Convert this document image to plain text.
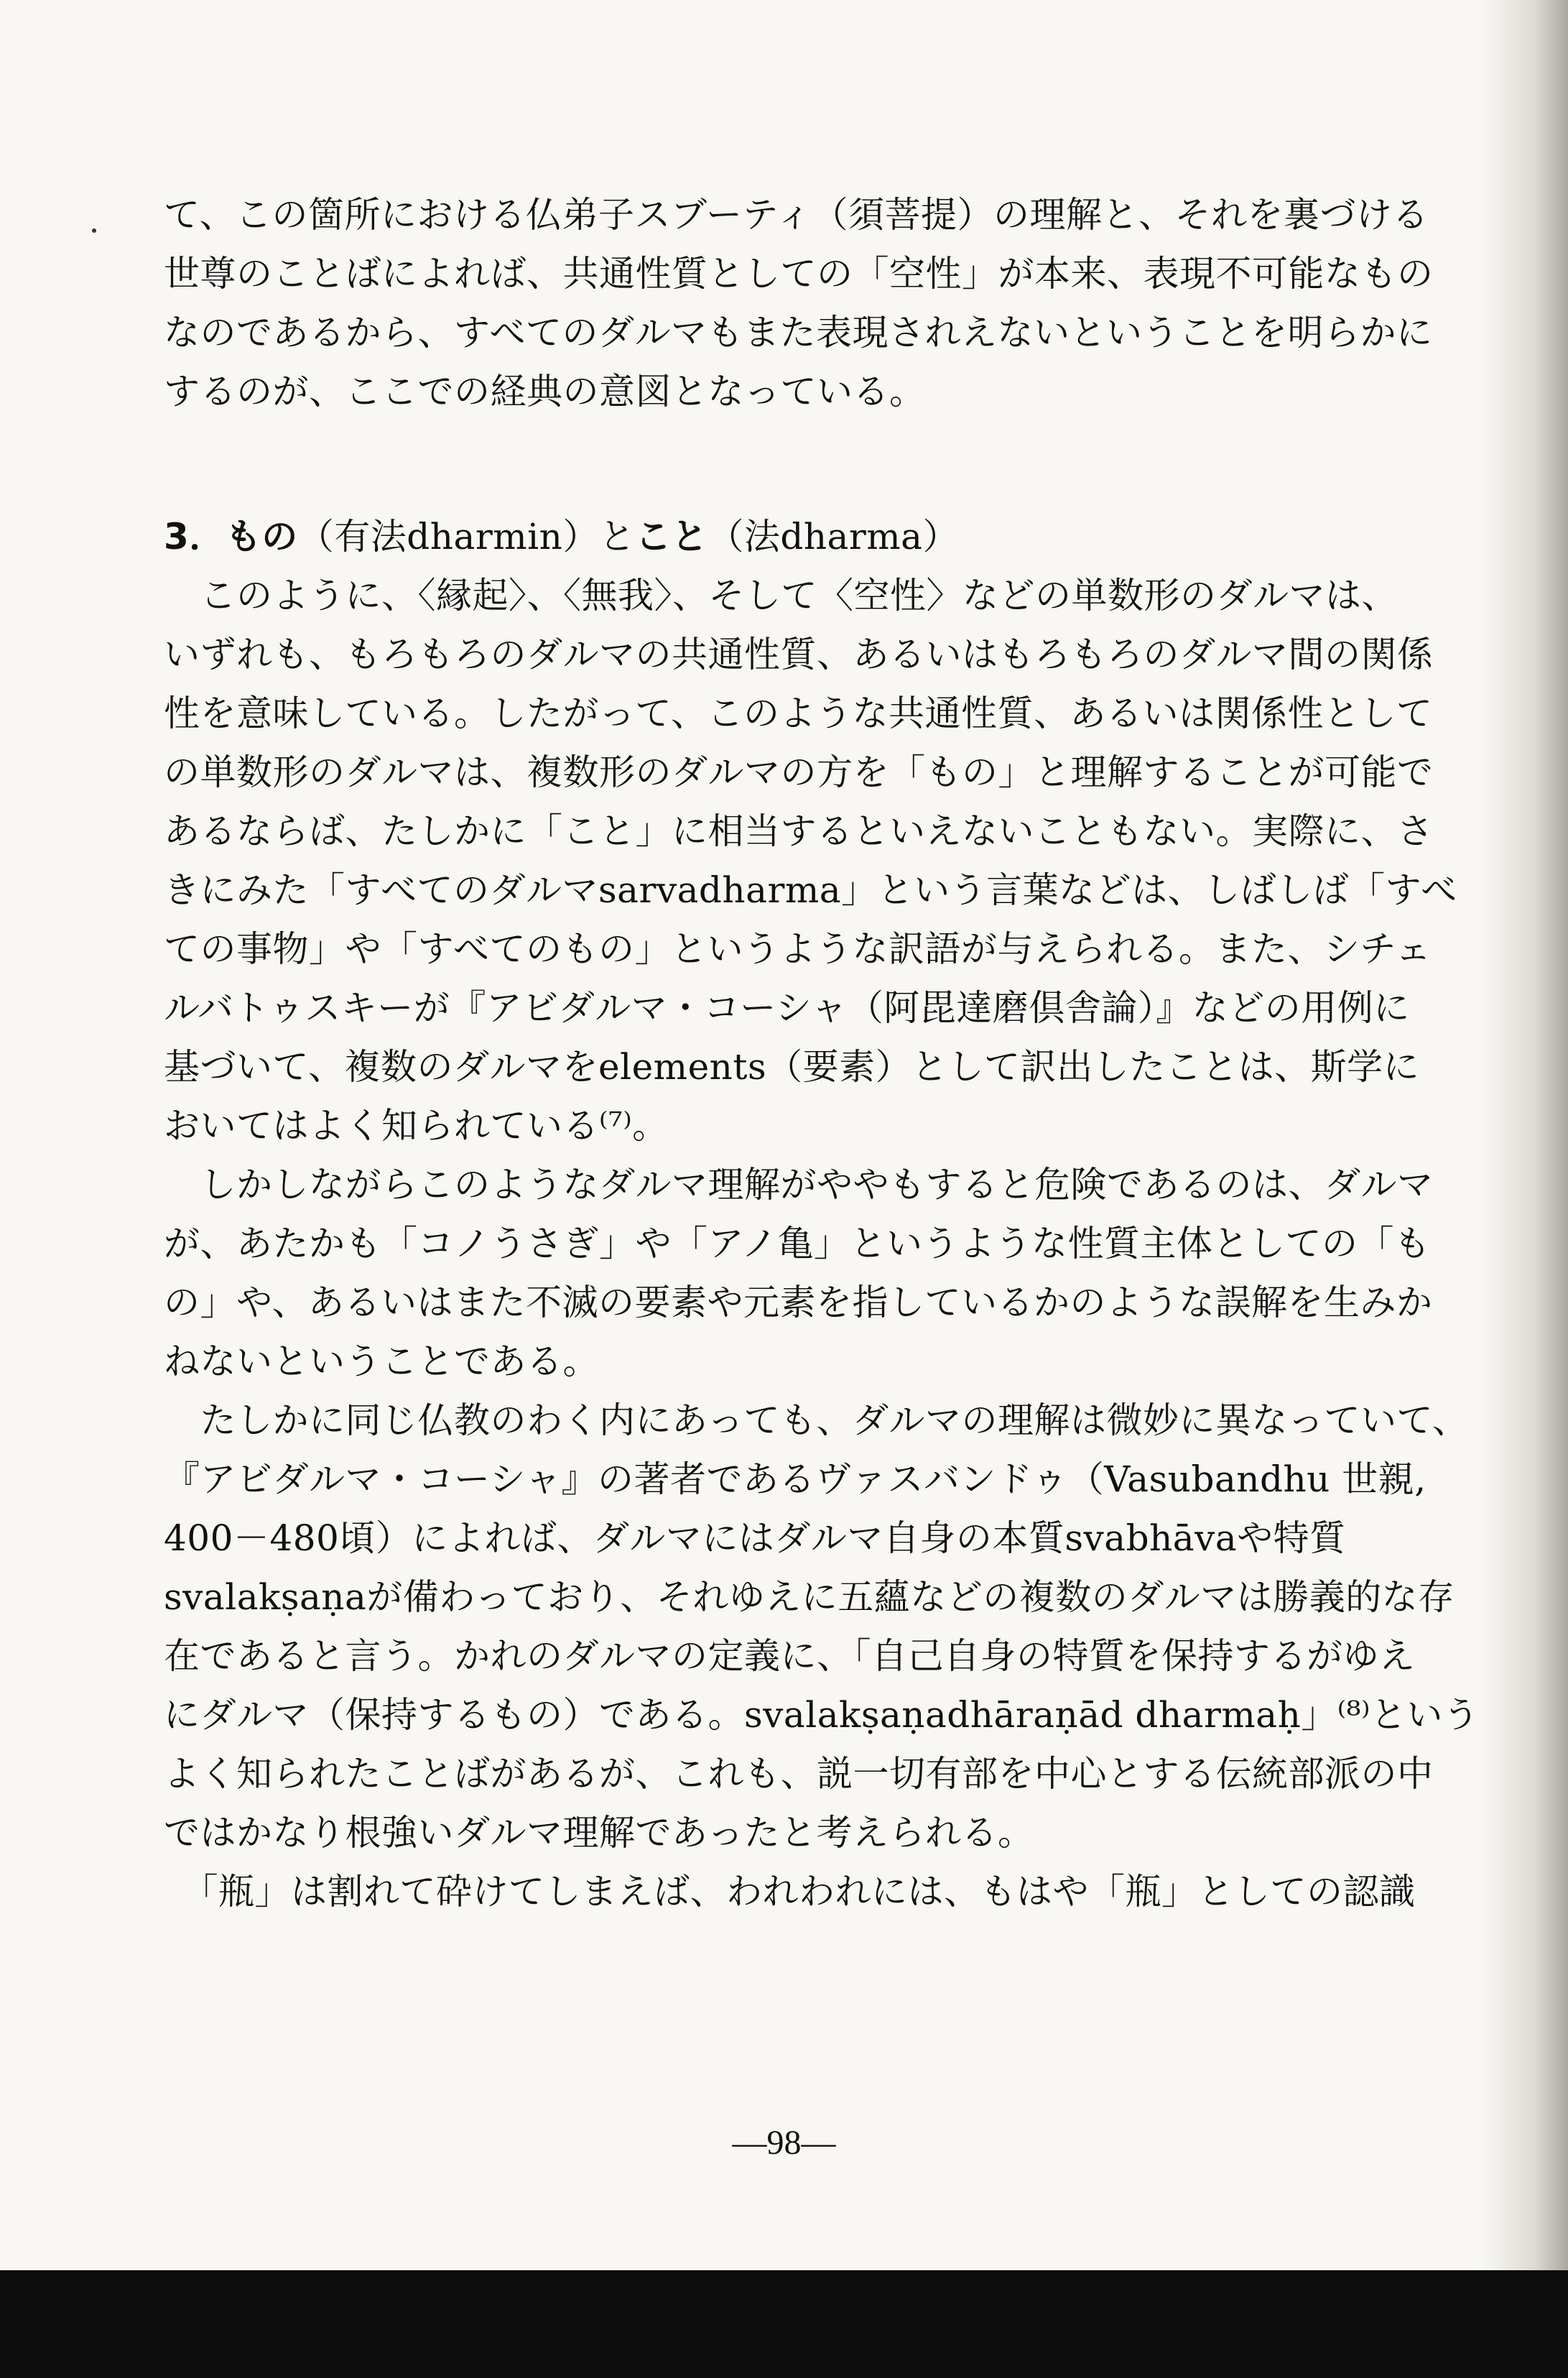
て、この箇所における仏弟子スブーティ（須菩提）の理解と、それを裏づける
世尊のことばによれば、共通性質としての「空性」が本来、表現不可能なもの
なのであるから、すべてのダルマもまた表現されえないということを明らかに
するのが、ここでの経典の意図となっている。
3．もの（有法dharmin）とこと（法dharma）
　このように、〈縁起〉、〈無我〉、そして〈空性〉などの単数形のダルマは、
いずれも、もろもろのダルマの共通性質、あるいはもろもろのダルマ間の関係
性を意味している。したがって、このような共通性質、あるいは関係性として
の単数形のダルマは、複数形のダルマの方を「もの」と理解することが可能で
あるならば、たしかに「こと」に相当するといえないこともない。実際に、さ
きにみた「すべてのダルマsarvadharma」という言葉などは、しばしば「すべ
ての事物」や「すべてのもの」というような訳語が与えられる。また、シチェ
ルバトゥスキーが『アビダルマ・コーシャ（阿毘達磨倶舎論）』などの用例に
基づいて、複数のダルマをelements（要素）として訳出したことは、斯学に
おいてはよく知られている⁽⁷⁾。
　しかしながらこのようなダルマ理解がややもすると危険であるのは、ダルマ
が、あたかも「コノうさぎ」や「アノ亀」というような性質主体としての「も
の」や、あるいはまた不滅の要素や元素を指しているかのような誤解を生みか
ねないということである。
　たしかに同じ仏教のわく内にあっても、ダルマの理解は微妙に異なっていて、
『アビダルマ・コーシャ』の著者であるヴァスバンドゥ（Vasubandhu 世親,
400－480頃）によれば、ダルマにはダルマ自身の本質svabhāvaや特質
svalakṣaṇaが備わっており、それゆえに五蘊などの複数のダルマは勝義的な存
在であると言う。かれのダルマの定義に、「自己自身の特質を保持するがゆえ
にダルマ（保持するもの）である。svalakṣaṇadhāraṇād dharmaḥ」⁽⁸⁾という
よく知られたことばがあるが、これも、説一切有部を中心とする伝統部派の中
ではかなり根強いダルマ理解であったと考えられる。
　「瓶」は割れて砕けてしまえば、われわれには、もはや「瓶」としての認識
—98—
